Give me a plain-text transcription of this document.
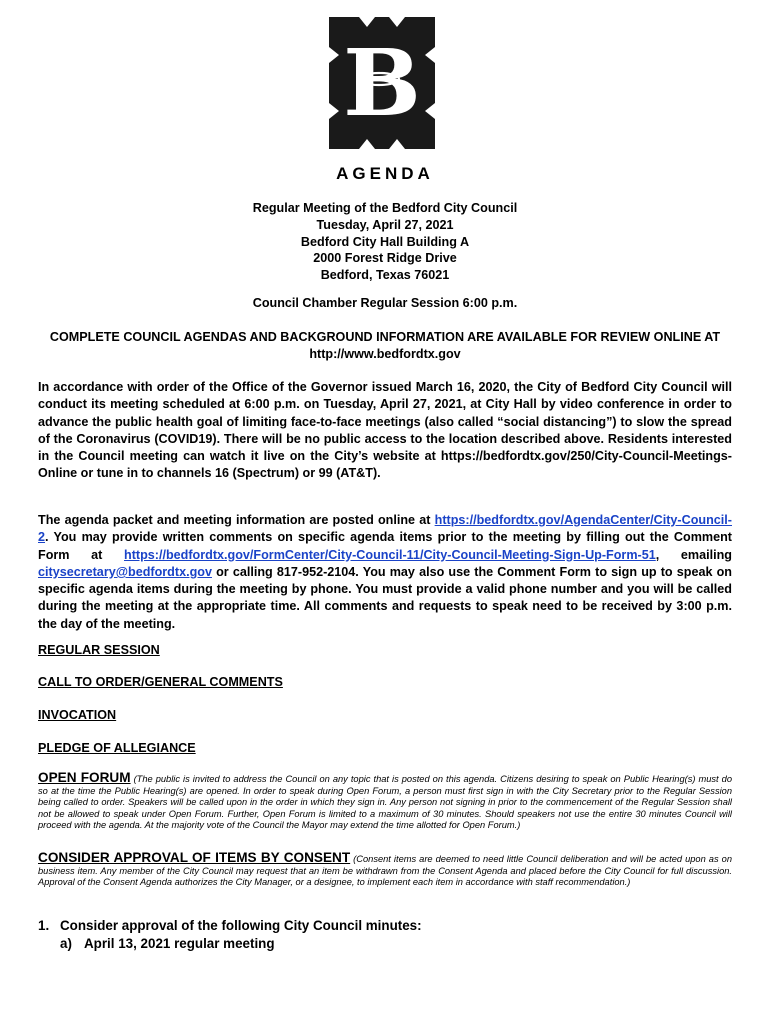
B
AGENDA
Regular Meeting of the Bedford City Council
Tuesday, April 27, 2021
Bedford City Hall Building A
2000 Forest Ridge Drive
Bedford, Texas 76021
Council Chamber Regular Session 6:00 p.m.
COMPLETE COUNCIL AGENDAS AND BACKGROUND INFORMATION ARE AVAILABLE FOR REVIEW ONLINE AT http://www.bedfordtx.gov

In accordance with order of the Office of the Governor issued March 16, 2020, the City of Bedford City Council will conduct its meeting scheduled at 6:00 p.m. on Tuesday, April 27, 2021, at City Hall by video conference in order to advance the public health goal of limiting face-to-face meetings (also called “social distancing”) to slow the spread of the Coronavirus (COVID19). There will be no public access to the location described above. Residents interested in the Council meeting can watch it live on the City’s website at https://bedfordtx.gov/250/City-Council-Meetings-Online or tune in to channels 16 (Spectrum) or 99 (AT&T).

The agenda packet and meeting information are posted online at https://bedfordtx.gov/AgendaCenter/City-Council-2. You may provide written comments on specific agenda items prior to the meeting by filling out the Comment Form at https://bedfordtx.gov/FormCenter/City-Council-11/City-Council-Meeting-Sign-Up-Form-51, emailing citysecretary@bedfordtx.gov or calling 817-952-2104. You may also use the Comment Form to sign up to speak on specific agenda items during the meeting by phone. You must provide a valid phone number and you will be called during the meeting at the appropriate time. All comments and requests to speak need to be received by 3:00 p.m. the day of the meeting.

REGULAR SESSION
CALL TO ORDER/GENERAL COMMENTS
INVOCATION
PLEDGE OF ALLEGIANCE

OPEN FORUM (The public is invited to address the Council on any topic that is posted on this agenda. Citizens desiring to speak on Public Hearing(s) must do so at the time the Public Hearing(s) are opened. In order to speak during Open Forum, a person must first sign in with the City Secretary prior to the Regular Session being called to order. Speakers will be called upon in the order in which they sign in. Any person not signing in prior to the commencement of the Regular Session shall not be allowed to speak under Open Forum. Further, Open Forum is limited to a maximum of 30 minutes. Should speakers not use the entire 30 minutes Council will proceed with the agenda. At the majority vote of the Council the Mayor may extend the time allotted for Open Forum.)

CONSIDER APPROVAL OF ITEMS BY CONSENT (Consent items are deemed to need little Council deliberation and will be acted upon as on business item. Any member of the City Council may request that an item be withdrawn from the Consent Agenda and placed before the City Council for full discussion. Approval of the Consent Agenda authorizes the City Manager, or a designee, to implement each item in accordance with staff recommendation.)

1. Consider approval of the following City Council minutes:
a) April 13, 2021 regular meeting
